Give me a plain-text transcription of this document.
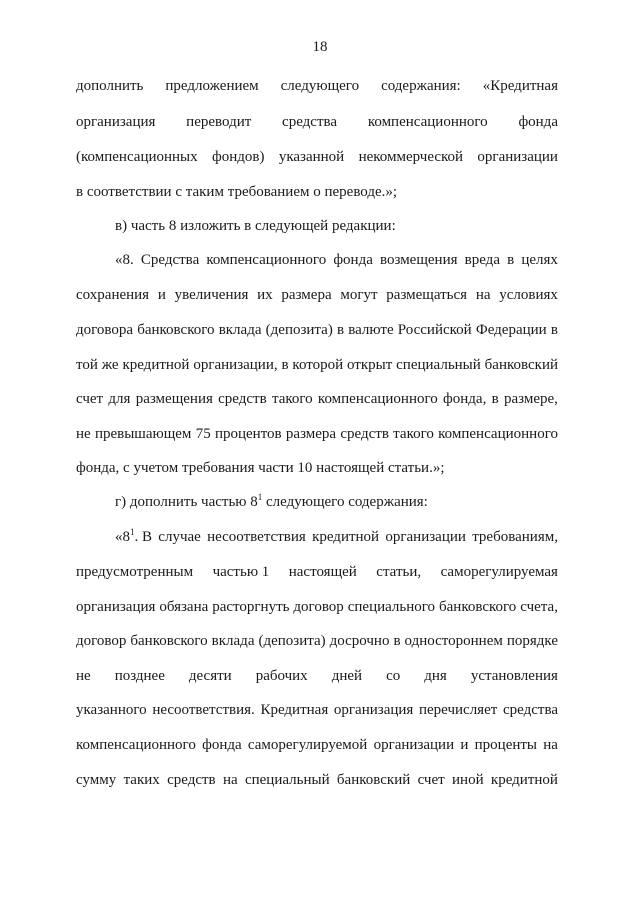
18
дополнить предложением следующего содержания: «Кредитная
организация переводит средства компенсационного фонда
(компенсационных фондов) указанной некоммерческой организации
в соответствии с таким требованием о переводе.»;
в) часть 8 изложить в следующей редакции:
«8. Средства компенсационного фонда возмещения вреда в целях
сохранения и увеличения их размера могут размещаться на условиях
договора банковского вклада (депозита) в валюте Российской Федерации в
той же кредитной организации, в которой открыт специальный банковский
счет для размещения средств такого компенсационного фонда, в размере,
не превышающем 75 процентов размера средств такого компенсационного
фонда, с учетом требования части 10 настоящей статьи.»;
г) дополнить частью $8^1$ следующего содержания:
«$8^1$. В случае несоответствия кредитной организации требованиям,
предусмотренным частью 1 настоящей статьи, саморегулируемая
организация обязана расторгнуть договор специального банковского счета,
договор банковского вклада (депозита) досрочно в одностороннем порядке
не позднее десяти рабочих дней со дня установления
указанного несоответствия. Кредитная организация перечисляет средства
компенсационного фонда саморегулируемой организации и проценты на
сумму таких средств на специальный банковский счет иной кредитной
